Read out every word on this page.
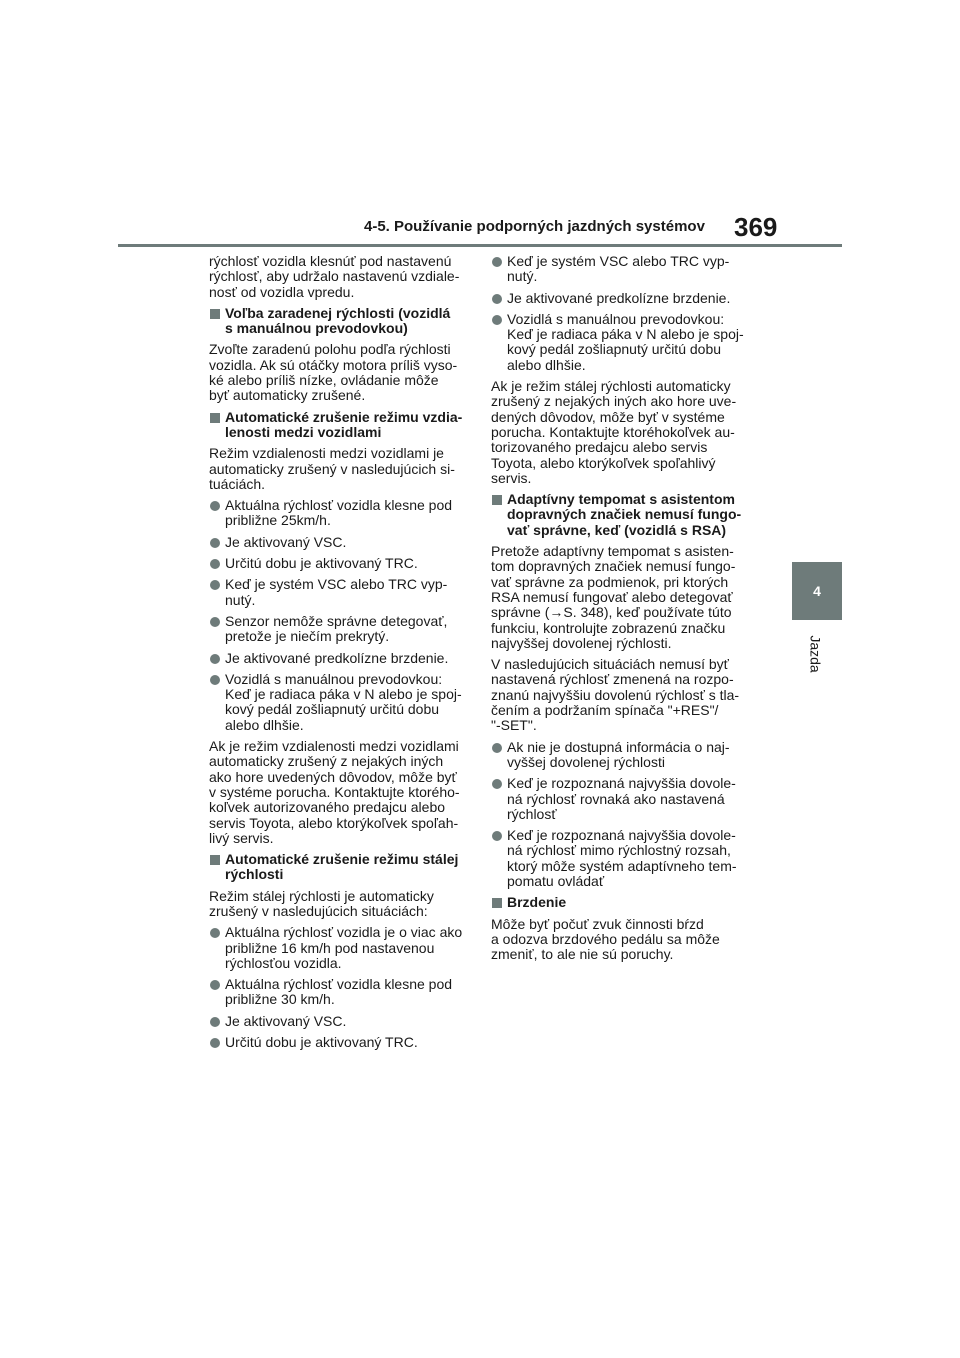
4-5. Používanie podporných jazdných systémov 369
4
Jazda

rýchlosť vozidla klesnúť pod nastavenú
rýchlosť, aby udržalo nastavenú vzdiale-
nosť od vozidla vpredu.

Voľba zaradenej rýchlosti (vozidlá
s manuálnou prevodovkou)

Zvoľte zaradenú polohu podľa rýchlosti
vozidla. Ak sú otáčky motora príliš vyso-
ké alebo príliš nízke, ovládanie môže
byť automaticky zrušené.

Automatické zrušenie režimu vzdia-
lenosti medzi vozidlami

Režim vzdialenosti medzi vozidlami je
automaticky zrušený v nasledujúcich si-
tuáciách.

Aktuálna rýchlosť vozidla klesne pod
približne 25km/h.

Je aktivovaný VSC.

Určitú dobu je aktivovaný TRC.

Keď je systém VSC alebo TRC vyp-
nutý.

Senzor nemôže správne detegovať,
pretože je niečím prekrytý.

Je aktivované predkolízne brzdenie.

Vozidlá s manuálnou prevodovkou:
Keď je radiaca páka v N alebo je spoj-
kový pedál zošliapnutý určitú dobu
alebo dlhšie.

Ak je režim vzdialenosti medzi vozidlami
automaticky zrušený z nejakých iných
ako hore uvedených dôvodov, môže byť
v systéme porucha. Kontaktujte ktorého-
koľvek autorizovaného predajcu alebo
servis Toyota, alebo ktorýkoľvek spoľah-
livý servis.

Automatické zrušenie režimu stálej
rýchlosti

Režim stálej rýchlosti je automaticky
zrušený v nasledujúcich situáciách:

Aktuálna rýchlosť vozidla je o viac ako
približne 16 km/h pod nastavenou
rýchlosťou vozidla.

Aktuálna rýchlosť vozidla klesne pod
približne 30 km/h.

Je aktivovaný VSC.

Určitú dobu je aktivovaný TRC.

Keď je systém VSC alebo TRC vyp-
nutý.

Je aktivované predkolízne brzdenie.

Vozidlá s manuálnou prevodovkou:
Keď je radiaca páka v N alebo je spoj-
kový pedál zošliapnutý určitú dobu
alebo dlhšie.

Ak je režim stálej rýchlosti automaticky
zrušený z nejakých iných ako hore uve-
dených dôvodov, môže byť v systéme
porucha. Kontaktujte ktoréhokoľvek au-
torizovaného predajcu alebo servis
Toyota, alebo ktorýkoľvek spoľahlivý
servis.

Adaptívny tempomat s asistentom
dopravných značiek nemusí fungo-
vať správne, keď (vozidlá s RSA)

Pretože adaptívny tempomat s asisten-
tom dopravných značiek nemusí fungo-
vať správne za podmienok, pri ktorých
RSA nemusí fungovať alebo detegovať
správne (→S. 348), keď používate túto
funkciu, kontrolujte zobrazenú značku
najvyššej dovolenej rýchlosti.

V nasledujúcich situáciách nemusí byť
nastavená rýchlosť zmenená na rozpo-
znanú najvyššiu dovolenú rýchlosť s tla-
čením a podržaním spínača "+RES"/
"-SET".

Ak nie je dostupná informácia o naj-
vyššej dovolenej rýchlosti

Keď je rozpoznaná najvyššia dovole-
ná rýchlosť rovnaká ako nastavená
rýchlosť

Keď je rozpoznaná najvyššia dovole-
ná rýchlosť mimo rýchlostný rozsah,
ktorý môže systém adaptívneho tem-
pomatu ovládať

Brzdenie

Môže byť počuť zvuk činnosti bŕzd
a odozva brzdového pedálu sa môže
zmeniť, to ale nie sú poruchy.
